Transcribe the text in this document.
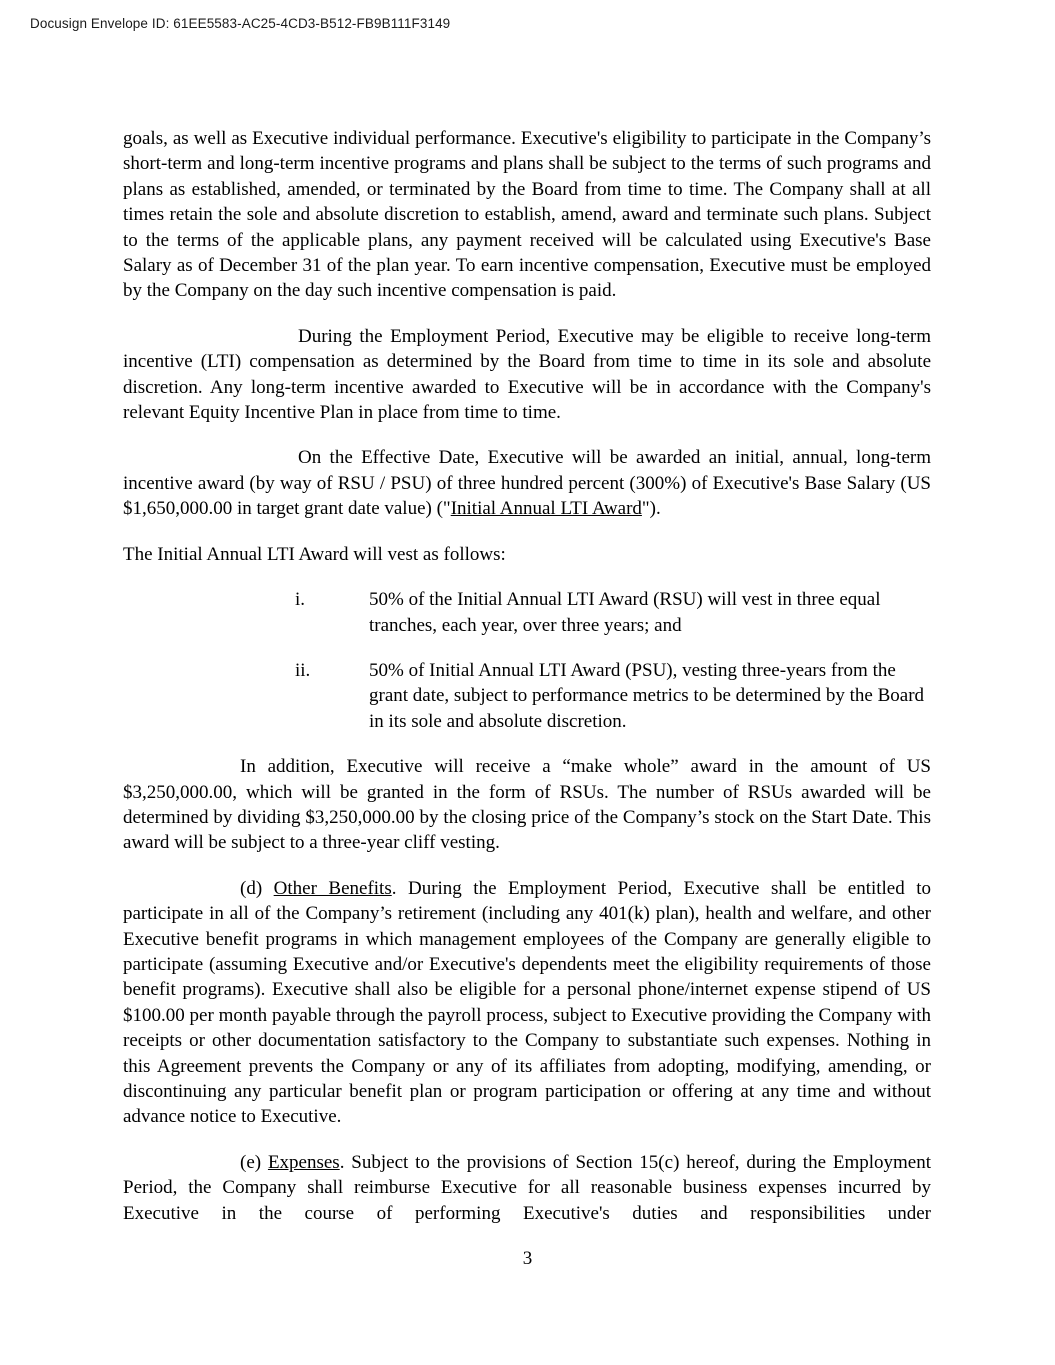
Docusign Envelope ID: 61EE5583-AC25-4CD3-B512-FB9B111F3149

goals, as well as Executive individual performance. Executive's eligibility to participate in the Company’s short-term and long-term incentive programs and plans shall be subject to the terms of such programs and plans as established, amended, or terminated by the Board from time to time. The Company shall at all times retain the sole and absolute discretion to establish, amend, award and terminate such plans. Subject to the terms of the applicable plans, any payment received will be calculated using Executive's Base Salary as of December 31 of the plan year. To earn incentive compensation, Executive must be employed by the Company on the day such incentive compensation is paid.

During the Employment Period, Executive may be eligible to receive long-term incentive (LTI) compensation as determined by the Board from time to time in its sole and absolute discretion. Any long-term incentive awarded to Executive will be in accordance with the Company's relevant Equity Incentive Plan in place from time to time.

On the Effective Date, Executive will be awarded an initial, annual, long-term incentive award (by way of RSU / PSU) of three hundred percent (300%) of Executive's Base Salary (US $1,650,000.00 in target grant date value) ("Initial Annual LTI Award").

The Initial Annual LTI Award will vest as follows:

i.	50% of the Initial Annual LTI Award (RSU) will vest in three equal tranches, each year, over three years; and
ii.	50% of Initial Annual LTI Award (PSU), vesting three-years from the grant date, subject to performance metrics to be determined by the Board in its sole and absolute discretion.

In addition, Executive will receive a “make whole” award in the amount of US $3,250,000.00, which will be granted in the form of RSUs. The number of RSUs awarded will be determined by dividing $3,250,000.00 by the closing price of the Company’s stock on the Start Date. This award will be subject to a three-year cliff vesting.

(d) Other Benefits. During the Employment Period, Executive shall be entitled to participate in all of the Company’s retirement (including any 401(k) plan), health and welfare, and other Executive benefit programs in which management employees of the Company are generally eligible to participate (assuming Executive and/or Executive's dependents meet the eligibility requirements of those benefit programs). Executive shall also be eligible for a personal phone/internet expense stipend of US $100.00 per month payable through the payroll process, subject to Executive providing the Company with receipts or other documentation satisfactory to the Company to substantiate such expenses. Nothing in this Agreement prevents the Company or any of its affiliates from adopting, modifying, amending, or discontinuing any particular benefit plan or program participation or offering at any time and without advance notice to Executive.

(e) Expenses. Subject to the provisions of Section 15(c) hereof, during the Employment Period, the Company shall reimburse Executive for all reasonable business expenses incurred by Executive in the course of performing Executive's duties and responsibilities under

3
